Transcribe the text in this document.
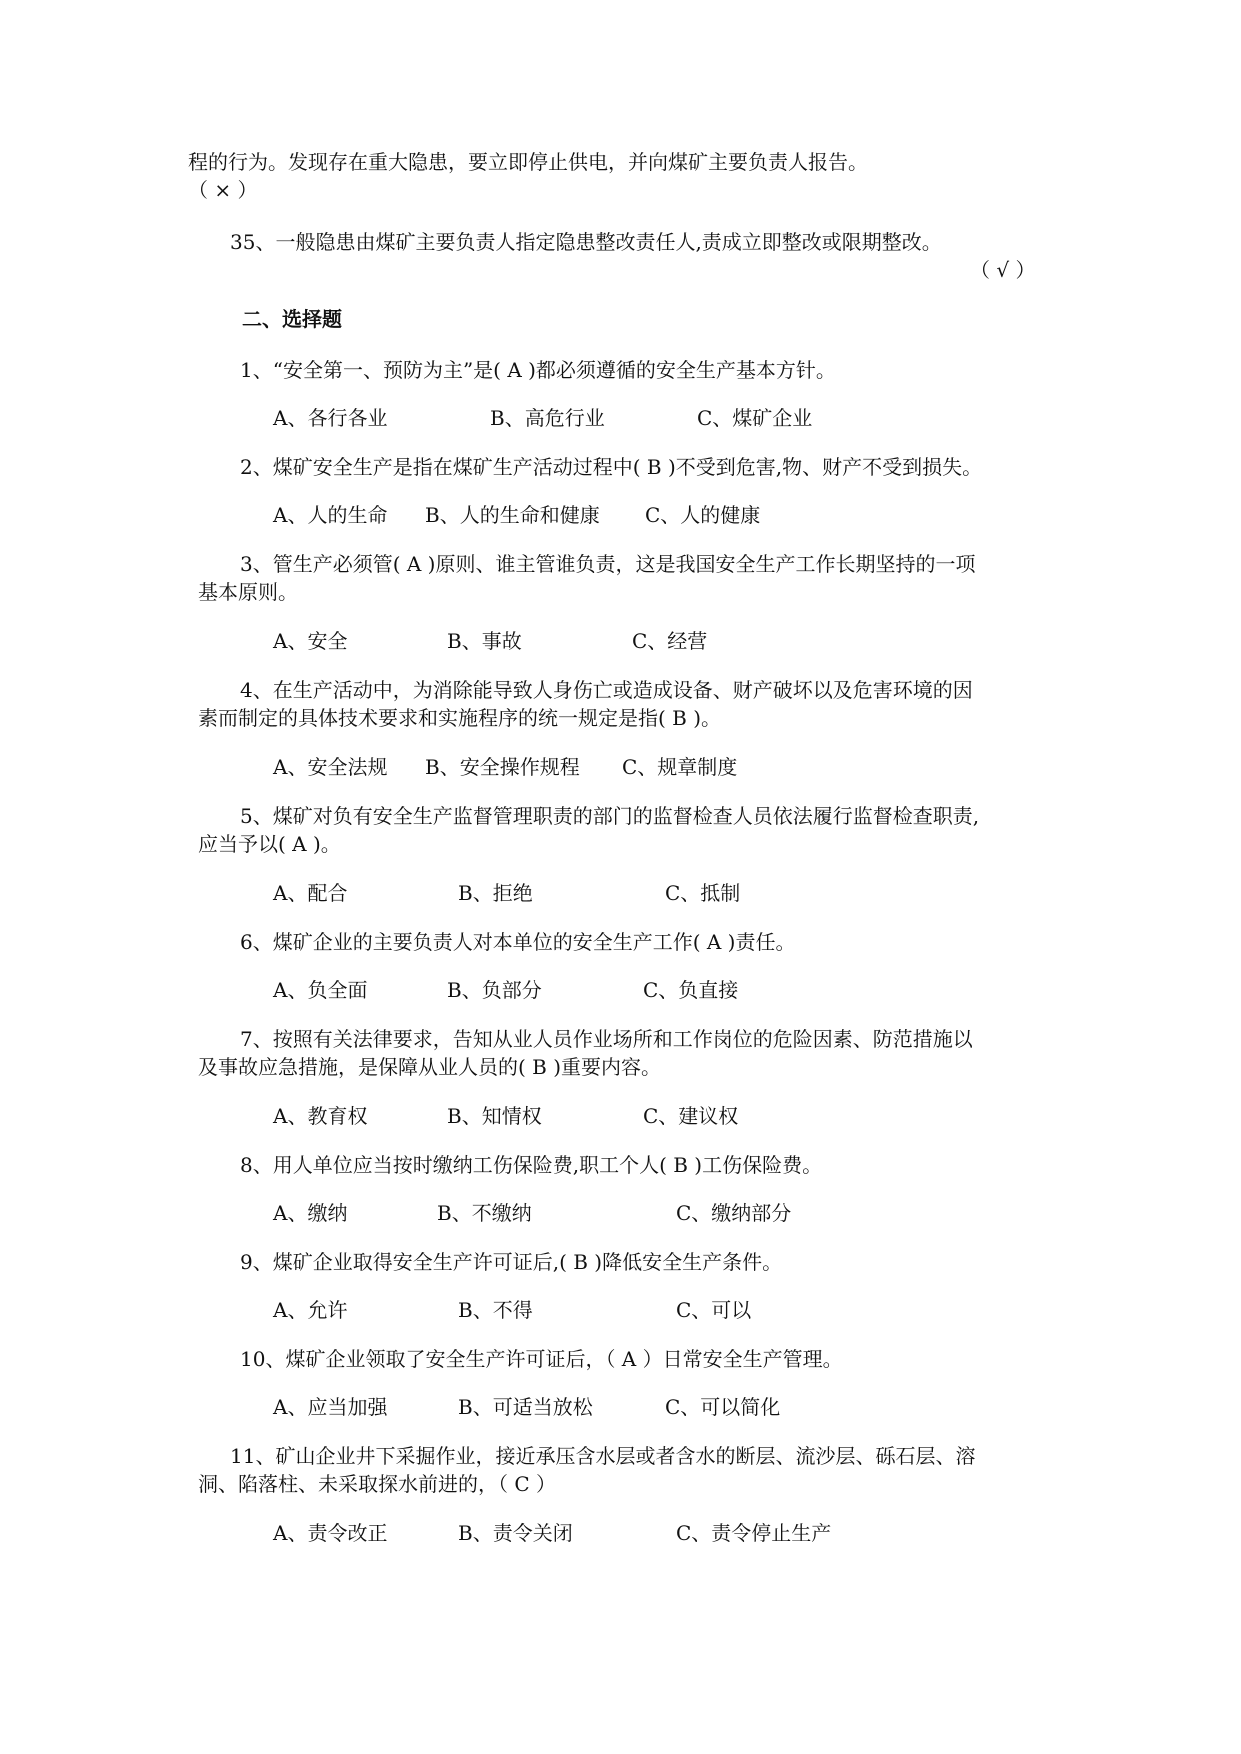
程的行为。发现存在重大隐患，要立即停止供电，并向煤矿主要负责人报告。

（ × ）

35、一般隐患由煤矿主要负责人指定隐患整改责任人,责成立即整改或限期整改。

（ √ ）

二、选择题

1、“安全第一、预防为主”是( A )都必须遵循的安全生产基本方针。

A、各行各业	B、高危行业	C、煤矿企业

2、煤矿安全生产是指在煤矿生产活动过程中( B )不受到危害,物、财产不受到损失。

A、人的生命 B、人的生命和健康 C、人的健康

3、管生产必须管( A )原则、谁主管谁负责，这是我国安全生产工作长期坚持的一项

基本原则。

A、安全	B、事故	C、经营

4、在生产活动中，为消除能导致人身伤亡或造成设备、财产破坏以及危害环境的因

素而制定的具体技术要求和实施程序的统一规定是指( B )。

A、安全法规 B、安全操作规程 C、规章制度

5、煤矿对负有安全生产监督管理职责的部门的监督检查人员依法履行监督检查职责,

应当予以( A )。

A、配合	B、拒绝	C、抵制

6、煤矿企业的主要负责人对本单位的安全生产工作( A )责任。

A、负全面	B、负部分	C、负直接

7、按照有关法律要求，告知从业人员作业场所和工作岗位的危险因素、防范措施以

及事故应急措施，是保障从业人员的( B )重要内容。

A、教育权	B、知情权	C、建议权

8、用人单位应当按时缴纳工伤保险费,职工个人( B )工伤保险费。

A、缴纳	B、不缴纳	C、缴纳部分

9、煤矿企业取得安全生产许可证后,( B )降低安全生产条件。

A、允许	B、不得	C、可以

10、煤矿企业领取了安全生产许可证后，（ A ）日常安全生产管理。

A、应当加强	B、可适当放松	C、可以简化

11、矿山企业井下采掘作业，接近承压含水层或者含水的断层、流沙层、砾石层、溶

洞、陷落柱、未采取探水前进的，（ C ）

A、责令改正	B、责令关闭	C、责令停止生产
